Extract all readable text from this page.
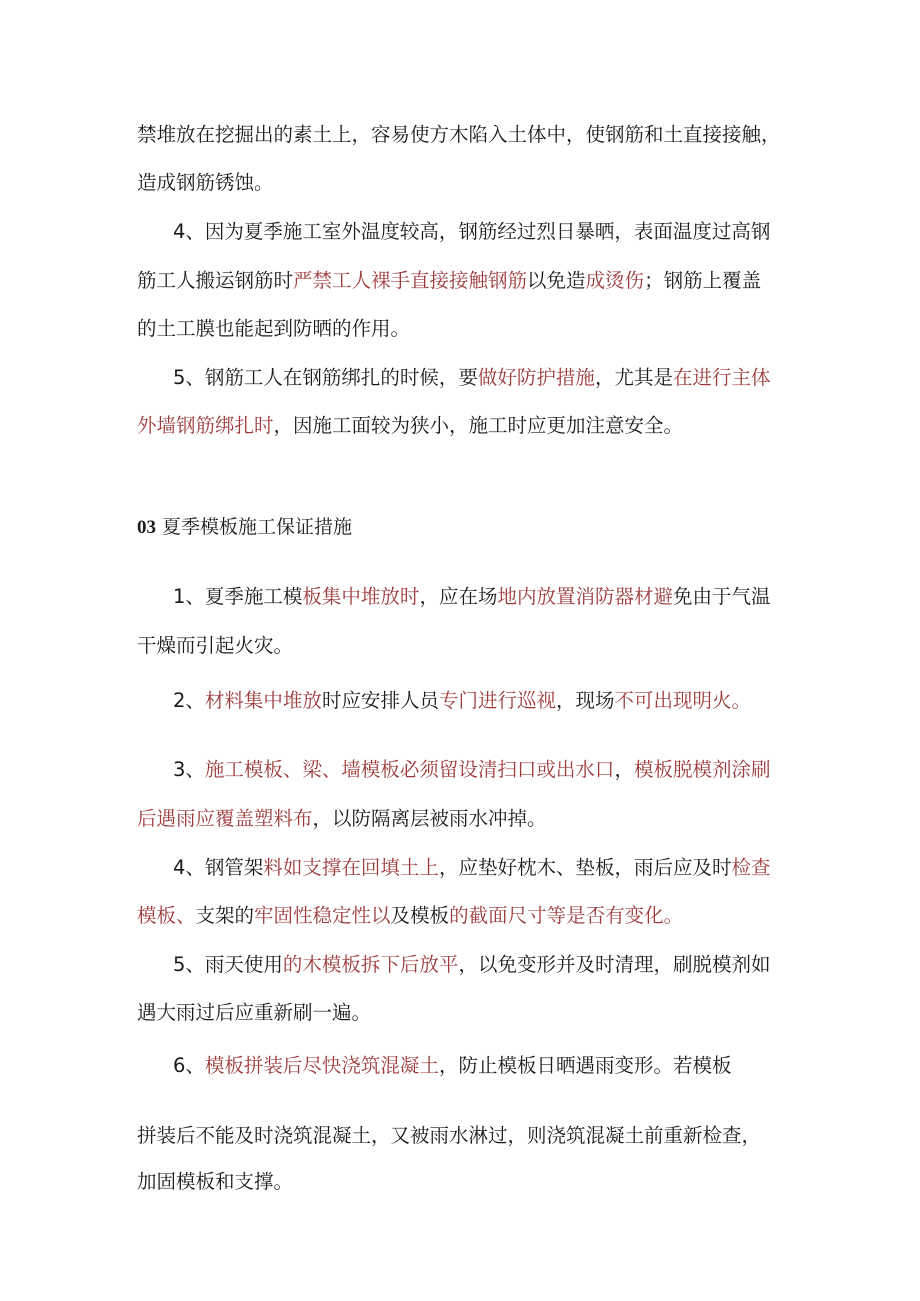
禁堆放在挖掘出的素土上，容易使方木陷入土体中，使钢筋和土直接接触，

造成钢筋锈蚀。

4、因为夏季施工室外温度较高，钢筋经过烈日暴晒，表面温度过高钢

筋工人搬运钢筋时严禁工人裸手直接接触钢筋以免造成烫伤；钢筋上覆盖

的土工膜也能起到防晒的作用。

5、钢筋工人在钢筋绑扎的时候，要做好防护措施，尤其是在进行主体

外墙钢筋绑扎时，因施工面较为狭小，施工时应更加注意安全。

03 夏季模板施工保证措施

1、夏季施工模板集中堆放时，应在场地内放置消防器材避免由于气温

干燥而引起火灾。

2、材料集中堆放时应安排人员专门进行巡视，现场不可出现明火。

3、施工模板、梁、墙模板必须留设清扫口或出水口，模板脱模剂涂刷

后遇雨应覆盖塑料布，以防隔离层被雨水冲掉。

4、钢管架料如支撑在回填土上，应垫好枕木、垫板，雨后应及时检查

模板、支架的牢固性稳定性以及模板的截面尺寸等是否有变化。

5、雨天使用的木模板拆下后放平，以免变形并及时清理，刷脱模剂如

遇大雨过后应重新刷一遍。

6、模板拼装后尽快浇筑混凝土，防止模板日晒遇雨变形。若模板

拼装后不能及时浇筑混凝土，又被雨水淋过，则浇筑混凝土前重新检查，

加固模板和支撑。
